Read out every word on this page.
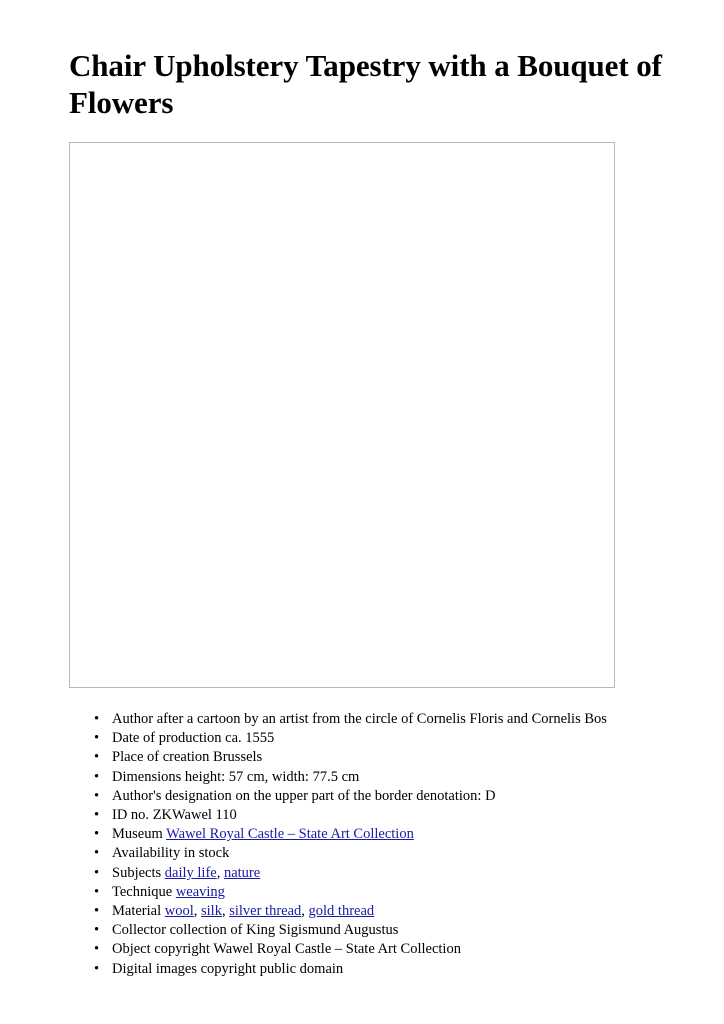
Chair Upholstery Tapestry with a Bouquet of Flowers
• Author after a cartoon by an artist from the circle of Cornelis Floris and Cornelis Bos
• Date of production ca. 1555
• Place of creation Brussels
• Dimensions height: 57 cm, width: 77.5 cm
• Author's designation on the upper part of the border denotation: D
• ID no. ZKWawel 110
• Museum Wawel Royal Castle – State Art Collection
• Availability in stock
• Subjects daily life, nature
• Technique weaving
• Material wool, silk, silver thread, gold thread
• Collector collection of King Sigismund Augustus
• Object copyright Wawel Royal Castle – State Art Collection
• Digital images copyright public domain
